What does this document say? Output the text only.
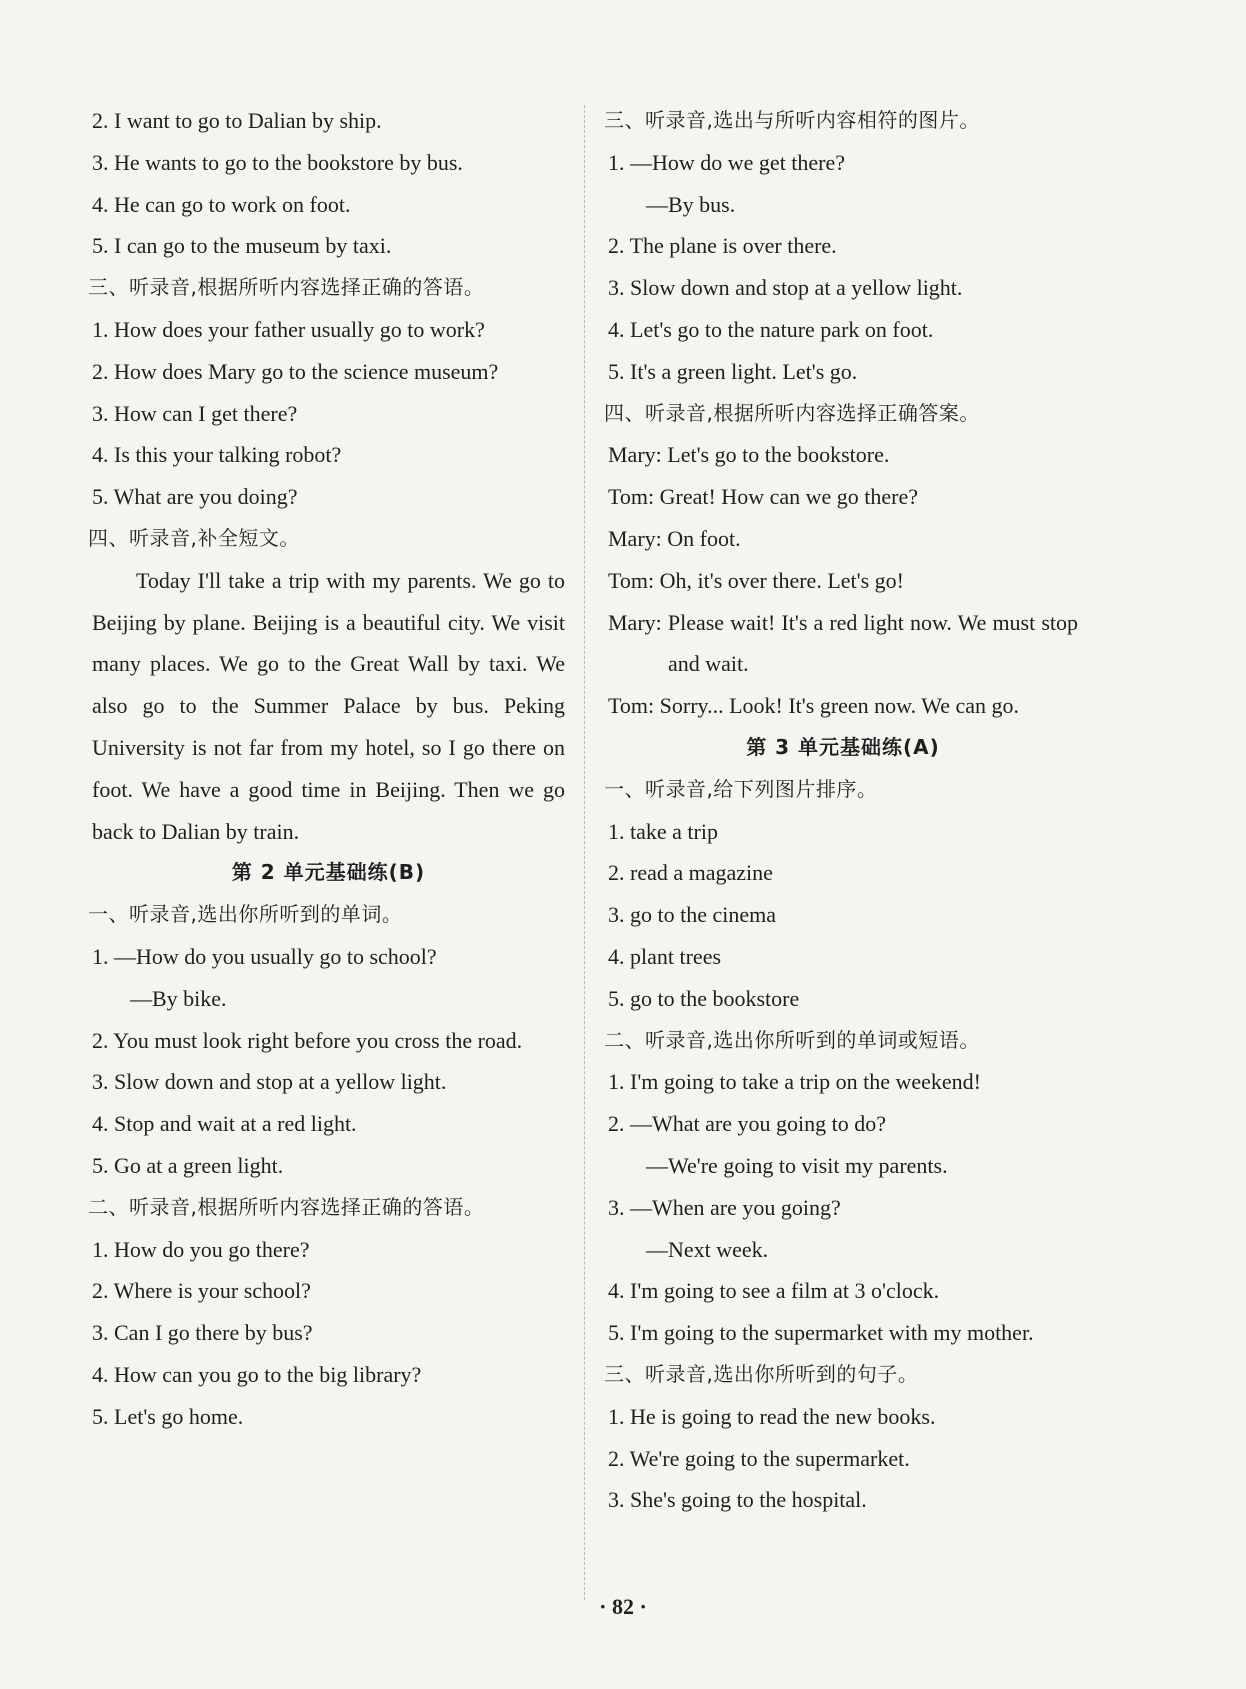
2. I want to go to Dalian by ship.
3. He wants to go to the bookstore by bus.
4. He can go to work on foot.
5. I can go to the museum by taxi.
三、听录音,根据所听内容选择正确的答语。
1. How does your father usually go to work?
2. How does Mary go to the science museum?
3. How can I get there?
4. Is this your talking robot?
5. What are you doing?
四、听录音,补全短文。
Today I'll take a trip with my parents. We go to Beijing by plane. Beijing is a beautiful city. We visit many places. We go to the Great Wall by taxi. We also go to the Summer Palace by bus. Peking University is not far from my hotel, so I go there on foot. We have a good time in Beijing. Then we go back to Dalian by train.
第 2 单元基础练(B)
一、听录音,选出你所听到的单词。
1. —How do you usually go to school?
—By bike.
2. You must look right before you cross the road.
3. Slow down and stop at a yellow light.
4. Stop and wait at a red light.
5. Go at a green light.
二、听录音,根据所听内容选择正确的答语。
1. How do you go there?
2. Where is your school?
3. Can I go there by bus?
4. How can you go to the big library?
5. Let's go home.
三、听录音,选出与所听内容相符的图片。
1. —How do we get there?
—By bus.
2. The plane is over there.
3. Slow down and stop at a yellow light.
4. Let's go to the nature park on foot.
5. It's a green light. Let's go.
四、听录音,根据所听内容选择正确答案。
Mary: Let's go to the bookstore.
Tom: Great! How can we go there?
Mary: On foot.
Tom: Oh, it's over there. Let's go!
Mary: Please wait! It's a red light now. We must stop and wait.
Tom: Sorry... Look! It's green now. We can go.
第 3 单元基础练(A)
一、听录音,给下列图片排序。
1. take a trip
2. read a magazine
3. go to the cinema
4. plant trees
5. go to the bookstore
二、听录音,选出你所听到的单词或短语。
1. I'm going to take a trip on the weekend!
2. —What are you going to do?
—We're going to visit my parents.
3. —When are you going?
—Next week.
4. I'm going to see a film at 3 o'clock.
5. I'm going to the supermarket with my mother.
三、听录音,选出你所听到的句子。
1. He is going to read the new books.
2. We're going to the supermarket.
3. She's going to the hospital.
· 82 ·
